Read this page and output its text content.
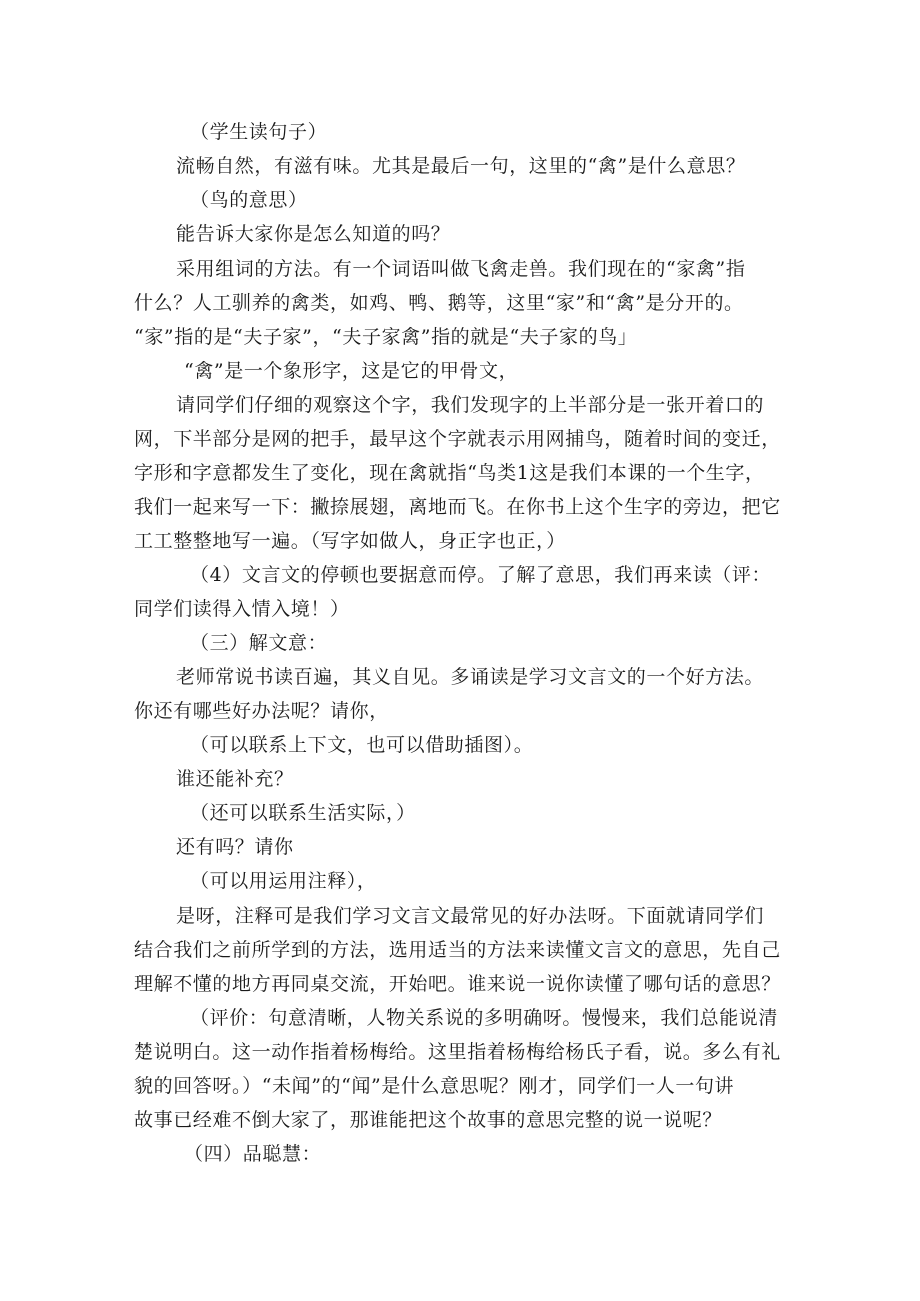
（学生读句子）
流畅自然，有滋有味。尤其是最后一句，这里的“禽”是什么意思？
（鸟的意思）
能告诉大家你是怎么知道的吗？
采用组词的方法。有一个词语叫做飞禽走兽。我们现在的“家禽”指
什么？人工驯养的禽类，如鸡、鸭、鹅等，这里“家”和“禽”是分开的。
“家”指的是“夫子家”，“夫子家禽”指的就是“夫子家的鸟」
“禽”是一个象形字，这是它的甲骨文，
请同学们仔细的观察这个字，我们发现字的上半部分是一张开着口的
网，下半部分是网的把手，最早这个字就表示用网捕鸟，随着时间的变迁，
字形和字意都发生了变化，现在禽就指“鸟类1这是我们本课的一个生字，
我们一起来写一下：撇捺展翅，离地而飞。在你书上这个生字的旁边，把它
工工整整地写一遍。（写字如做人，身正字也正，）
（4）文言文的停顿也要据意而停。了解了意思，我们再来读（评：
同学们读得入情入境！）
（三）解文意：
老师常说书读百遍，其义自见。多诵读是学习文言文的一个好方法。
你还有哪些好办法呢？请你，
（可以联系上下文，也可以借助插图）。
谁还能补充？
（还可以联系生活实际，）
还有吗？请你
（可以用运用注释），
是呀，注释可是我们学习文言文最常见的好办法呀。下面就请同学们
结合我们之前所学到的方法，选用适当的方法来读懂文言文的意思，先自己
理解不懂的地方再同桌交流，开始吧。谁来说一说你读懂了哪句话的意思？
（评价：句意清晰，人物关系说的多明确呀。慢慢来，我们总能说清
楚说明白。这一动作指着杨梅给。这里指着杨梅给杨氏子看，说。多么有礼
貌的回答呀。）“未闻”的“闻”是什么意思呢？刚才，同学们一人一句讲
故事已经难不倒大家了，那谁能把这个故事的意思完整的说一说呢？
（四）品聪慧：
